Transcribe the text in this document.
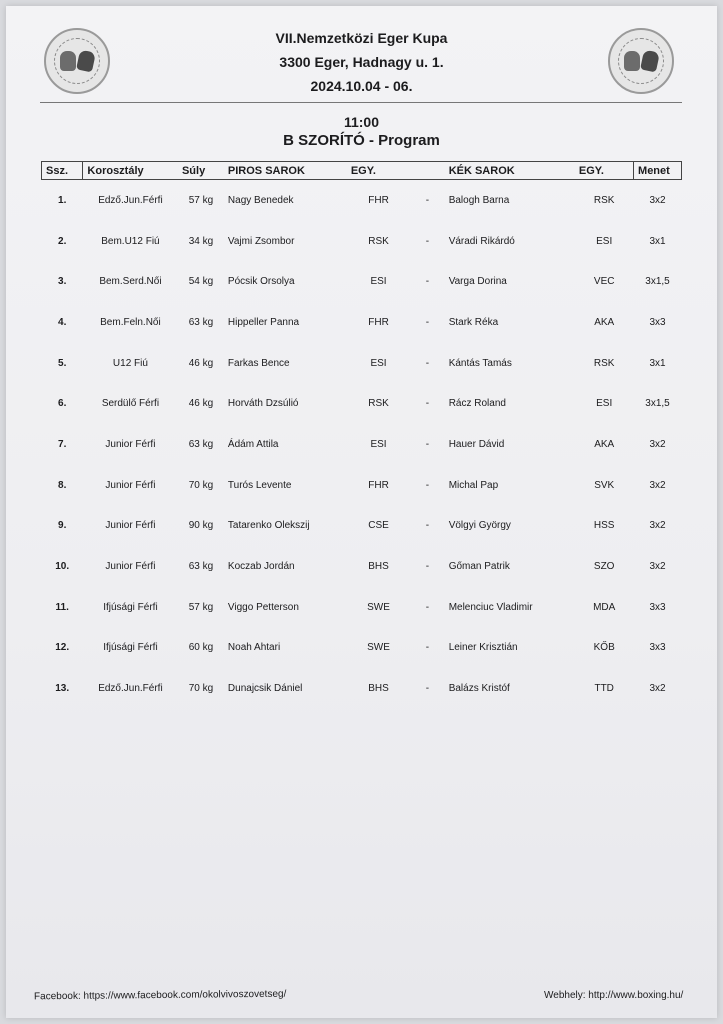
VII.Nemzetközi Eger Kupa
3300 Eger, Hadnagy u. 1.
2024.10.04 - 06.
11:00
B SZORÍTÓ - Program
Ssz.	Korosztály	Súly	PIROS SAROK	EGY.		KÉK SAROK	EGY.	Menet
1.	Edző.Jun.Férfi	57 kg	Nagy Benedek	FHR	-	Balogh Barna	RSK	3x2
2.	Bem.U12 Fiú	34 kg	Vajmi Zsombor	RSK	-	Váradi Rikárdó	ESI	3x1
3.	Bem.Serd.Női	54 kg	Pócsik Orsolya	ESI	-	Varga Dorina	VEC	3x1,5
4.	Bem.Feln.Női	63 kg	Hippeller Panna	FHR	-	Stark Réka	AKA	3x3
5.	U12 Fiú	46 kg	Farkas Bence	ESI	-	Kántás Tamás	RSK	3x1
6.	Serdülő Férfi	46 kg	Horváth Dzsúlió	RSK	-	Rácz Roland	ESI	3x1,5
7.	Junior Férfi	63 kg	Ádám Attila	ESI	-	Hauer Dávid	AKA	3x2
8.	Junior Férfi	70 kg	Turós Levente	FHR	-	Michal Pap	SVK	3x2
9.	Junior Férfi	90 kg	Tatarenko Olekszij	CSE	-	Völgyi György	HSS	3x2
10.	Junior Férfi	63 kg	Koczab Jordán	BHS	-	Gőman Patrik	SZO	3x2
11.	Ifjúsági Férfi	57 kg	Viggo Petterson	SWE	-	Melenciuc Vladimir	MDA	3x3
12.	Ifjúsági Férfi	60 kg	Noah Ahtari	SWE	-	Leiner Krisztián	KŐB	3x3
13.	Edző.Jun.Férfi	70 kg	Dunajcsik Dániel	BHS	-	Balázs Kristóf	TTD	3x2
Facebook: https://www.facebook.com/okolvivoszovetseg/	Webhely: http://www.boxing.hu/
